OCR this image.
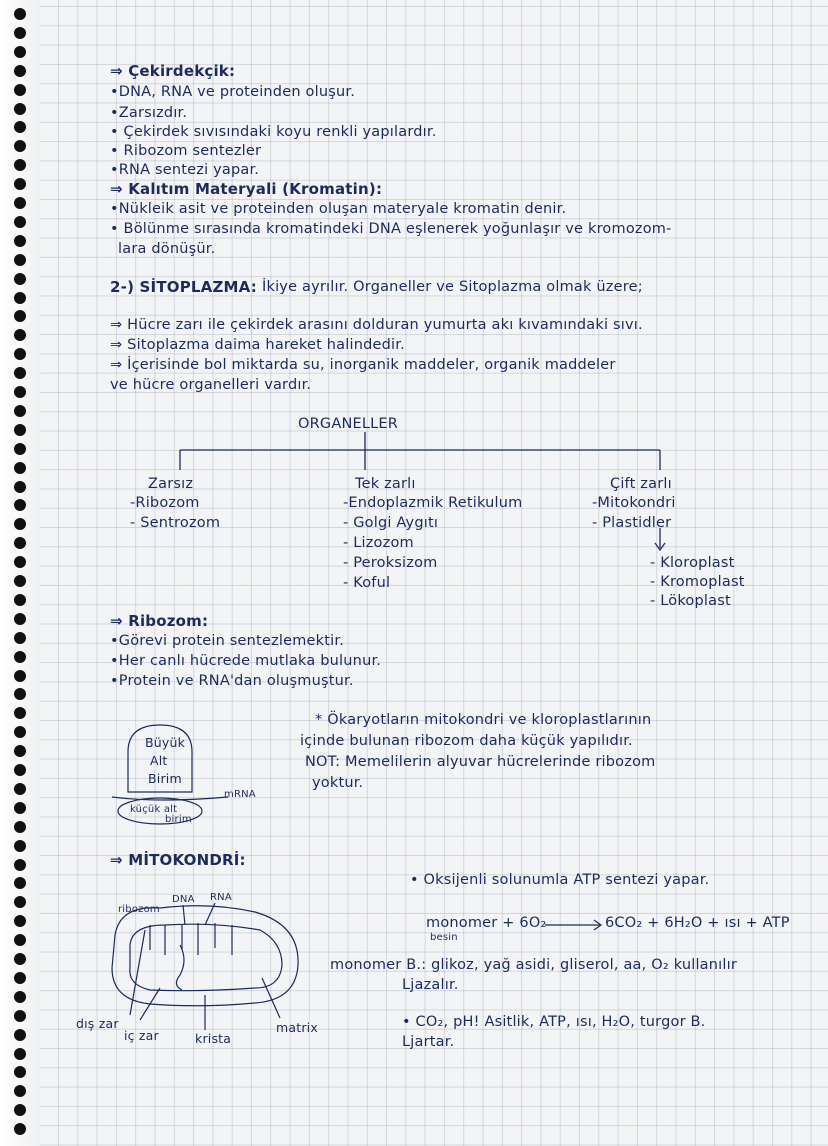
⇒ Çekirdekçik:
•DNA, RNA ve proteinden oluşur.
•Zarsızdır.
• Çekirdek sıvısındaki koyu renkli yapılardır.
• Ribozom sentezler
•RNA sentezi yapar.
⇒ Kalıtım Materyali (Kromatin):
•Nükleik asit ve proteinden oluşan materyale kromatin denir.
• Bölünme sırasında kromatindeki DNA eşlenerek yoğunlaşır ve kromozom-
lara dönüşür.
2-) SİTOPLAZMA: İkiye ayrılır. Organeller ve Sitoplazma olmak üzere;
⇒ Hücre zarı ile çekirdek arasını dolduran yumurta akı kıvamındaki sıvı.
⇒ Sitoplazma daima hareket halindedir.
⇒ İçerisinde bol miktarda su, inorganik maddeler, organik maddeler
ve hücre organelleri vardır.
ORGANELLER
Zarsız
-Ribozom
- Sentrozom
Tek zarlı
-Endoplazmik Retikulum
- Golgi Aygıtı
- Lizozom
- Peroksizom
- Koful
Çift zarlı
-Mitokondri
- Plastidler
- Kloroplast
- Kromoplast
- Lökoplast
⇒ Ribozom:
•Görevi protein sentezlemektir.
•Her canlı hücrede mutlaka bulunur.
•Protein ve RNA'dan oluşmuştur.
* Ökaryotların mitokondri ve kloroplastlarının
içinde bulunan ribozom daha küçük yapılıdır.
NOT: Memelilerin alyuvar hücrelerinde ribozom
yoktur.
Büyük
Alt
Birim
küçük alt
birim
mRNA
⇒ MİTOKONDRİ:
• Oksijenli solunumla ATP sentezi yapar.
monomer + 6O₂
besin
6CO₂ + 6H₂O + ısı + ATP
monomer B.: glikoz, yağ asidi, gliserol, aa, O₂ kullanılır
Ljazalır.
• CO₂, pH! Asitlik, ATP, ısı, H₂O, turgor B.
Ljartar.
ribozom
DNA RNA
dış zar
iç zar	krista
matrix
